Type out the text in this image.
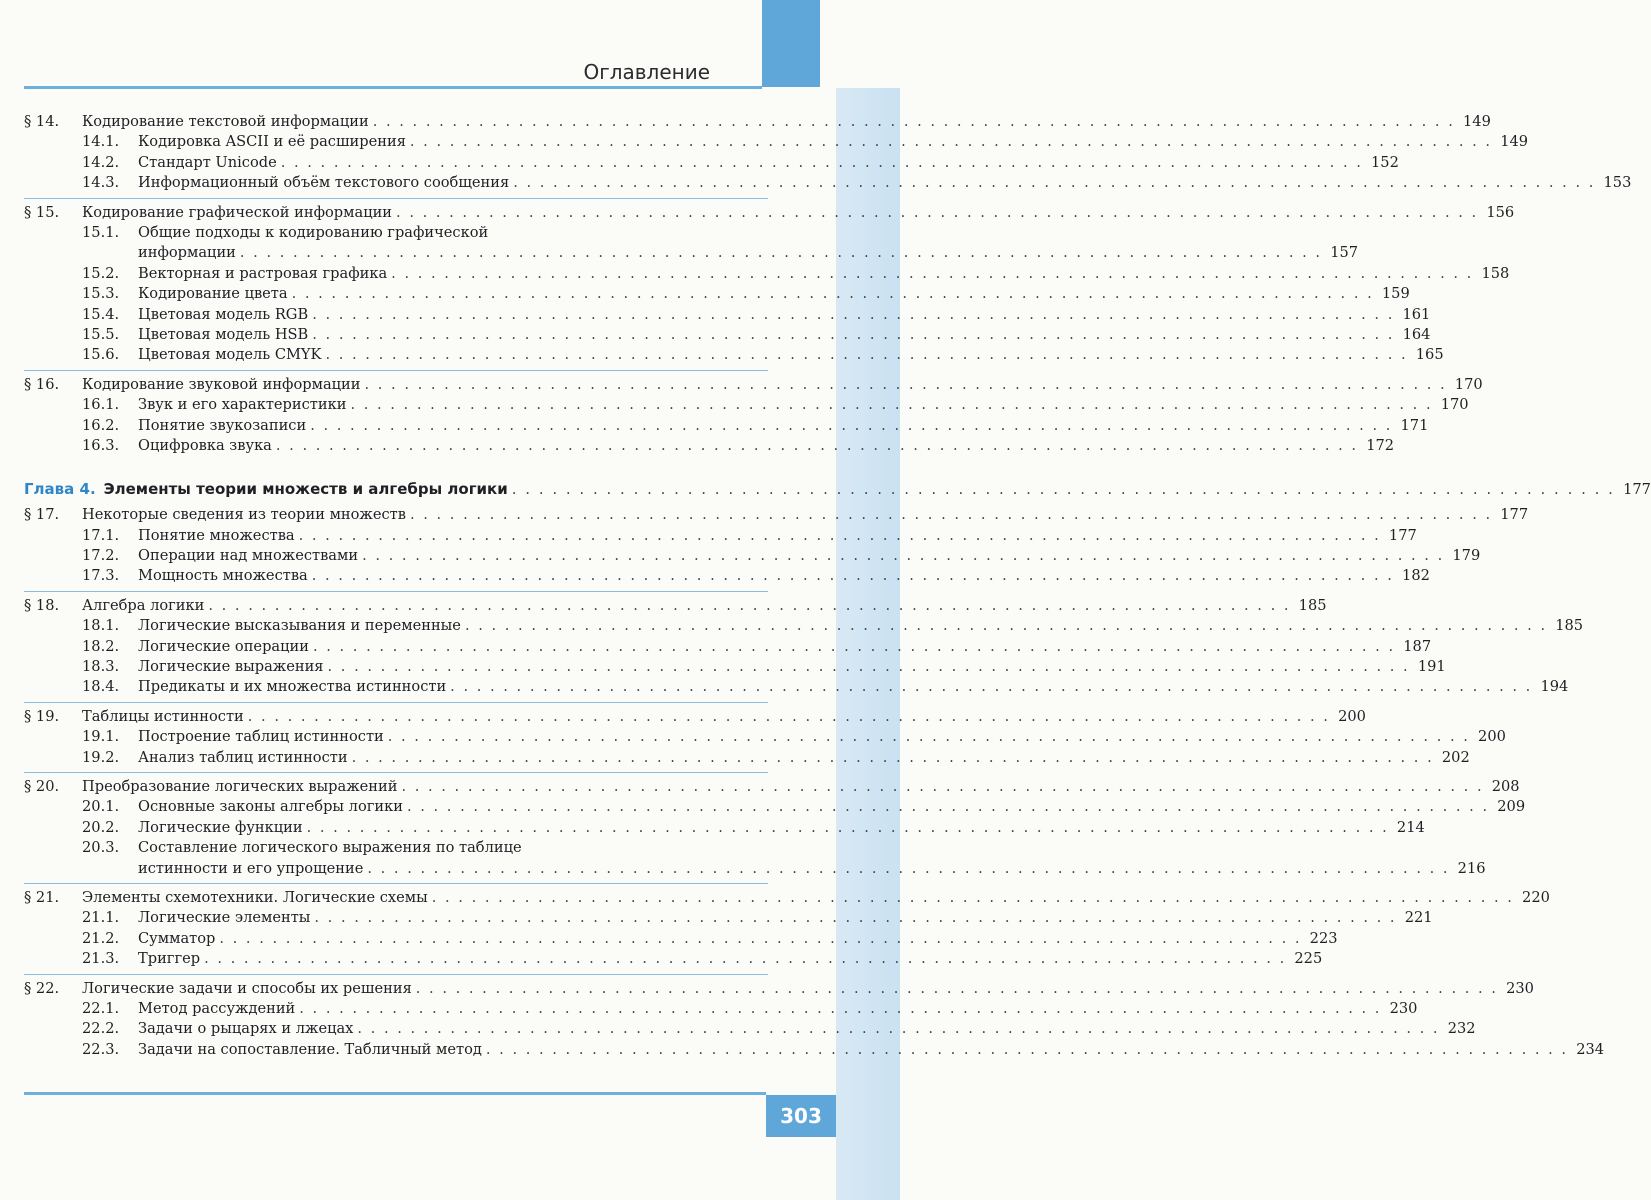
Оглавление
§ 14.	Кодирование текстовой информации . . . . . . . . . . . . . . . . . . . . . . . . . . . . . . . . . . . . . . . . . . . . . . . . . . . . . . . . . . . . . . . . . . . . . . . . . . . . . . . . . . 149
14.1.	Кодировка ASCII и её расширения . . . . . . . . . . . . . . . . . . . . . . . . . . . . . . . . . . . . . . . . . . . . . . . . . . . . . . . . . . . . . . . . . . . . . . . . . . . . . . . . . . 149
14.2.	Стандарт Unicode . . . . . . . . . . . . . . . . . . . . . . . . . . . . . . . . . . . . . . . . . . . . . . . . . . . . . . . . . . . . . . . . . . . . . . . . . . . . . . . . . . 152
14.3.	Информационный объём текстового сообщения . . . . . . . . . . . . . . . . . . . . . . . . . . . . . . . . . . . . . . . . . . . . . . . . . . . . . . . . . . . . . . . . . . . . . . . . . . . . . . . . . . 153
§ 15.	Кодирование графической информации . . . . . . . . . . . . . . . . . . . . . . . . . . . . . . . . . . . . . . . . . . . . . . . . . . . . . . . . . . . . . . . . . . . . . . . . . . . . . . . . . . 156
15.1.	Общие подходы к кодированию графической
информации . . . . . . . . . . . . . . . . . . . . . . . . . . . . . . . . . . . . . . . . . . . . . . . . . . . . . . . . . . . . . . . . . . . . . . . . . . . . . . . . . . 157
15.2.	Векторная и растровая графика . . . . . . . . . . . . . . . . . . . . . . . . . . . . . . . . . . . . . . . . . . . . . . . . . . . . . . . . . . . . . . . . . . . . . . . . . . . . . . . . . . 158
15.3.	Кодирование цвета . . . . . . . . . . . . . . . . . . . . . . . . . . . . . . . . . . . . . . . . . . . . . . . . . . . . . . . . . . . . . . . . . . . . . . . . . . . . . . . . . . 159
15.4.	Цветовая модель RGB . . . . . . . . . . . . . . . . . . . . . . . . . . . . . . . . . . . . . . . . . . . . . . . . . . . . . . . . . . . . . . . . . . . . . . . . . . . . . . . . . . 161
15.5.	Цветовая модель HSB . . . . . . . . . . . . . . . . . . . . . . . . . . . . . . . . . . . . . . . . . . . . . . . . . . . . . . . . . . . . . . . . . . . . . . . . . . . . . . . . . . 164
15.6.	Цветовая модель CMYK . . . . . . . . . . . . . . . . . . . . . . . . . . . . . . . . . . . . . . . . . . . . . . . . . . . . . . . . . . . . . . . . . . . . . . . . . . . . . . . . . . 165
§ 16.	Кодирование звуковой информации . . . . . . . . . . . . . . . . . . . . . . . . . . . . . . . . . . . . . . . . . . . . . . . . . . . . . . . . . . . . . . . . . . . . . . . . . . . . . . . . . . 170
16.1.	Звук и его характеристики . . . . . . . . . . . . . . . . . . . . . . . . . . . . . . . . . . . . . . . . . . . . . . . . . . . . . . . . . . . . . . . . . . . . . . . . . . . . . . . . . . 170
16.2.	Понятие звукозаписи . . . . . . . . . . . . . . . . . . . . . . . . . . . . . . . . . . . . . . . . . . . . . . . . . . . . . . . . . . . . . . . . . . . . . . . . . . . . . . . . . . 171
16.3.	Оцифровка звука . . . . . . . . . . . . . . . . . . . . . . . . . . . . . . . . . . . . . . . . . . . . . . . . . . . . . . . . . . . . . . . . . . . . . . . . . . . . . . . . . . 172
Глава 4. Элементы теории множеств и алгебры логики . . . . . . . . . . . . . . . . . . . . . . . . . . . . . . . . . . . . . . . . . . . . . . . . . . . . . . . . . . . . . . . . . . . . . . . . . . . . . . . . . . 177
§ 17.	Некоторые сведения из теории множеств . . . . . . . . . . . . . . . . . . . . . . . . . . . . . . . . . . . . . . . . . . . . . . . . . . . . . . . . . . . . . . . . . . . . . . . . . . . . . . . . . . 177
17.1.	Понятие множества . . . . . . . . . . . . . . . . . . . . . . . . . . . . . . . . . . . . . . . . . . . . . . . . . . . . . . . . . . . . . . . . . . . . . . . . . . . . . . . . . . 177
17.2.	Операции над множествами . . . . . . . . . . . . . . . . . . . . . . . . . . . . . . . . . . . . . . . . . . . . . . . . . . . . . . . . . . . . . . . . . . . . . . . . . . . . . . . . . . 179
17.3.	Мощность множества . . . . . . . . . . . . . . . . . . . . . . . . . . . . . . . . . . . . . . . . . . . . . . . . . . . . . . . . . . . . . . . . . . . . . . . . . . . . . . . . . . 182
§ 18.	Алгебра логики . . . . . . . . . . . . . . . . . . . . . . . . . . . . . . . . . . . . . . . . . . . . . . . . . . . . . . . . . . . . . . . . . . . . . . . . . . . . . . . . . . 185
18.1.	Логические высказывания и переменные . . . . . . . . . . . . . . . . . . . . . . . . . . . . . . . . . . . . . . . . . . . . . . . . . . . . . . . . . . . . . . . . . . . . . . . . . . . . . . . . . . 185
18.2.	Логические операции . . . . . . . . . . . . . . . . . . . . . . . . . . . . . . . . . . . . . . . . . . . . . . . . . . . . . . . . . . . . . . . . . . . . . . . . . . . . . . . . . . 187
18.3.	Логические выражения . . . . . . . . . . . . . . . . . . . . . . . . . . . . . . . . . . . . . . . . . . . . . . . . . . . . . . . . . . . . . . . . . . . . . . . . . . . . . . . . . . 191
18.4.	Предикаты и их множества истинности . . . . . . . . . . . . . . . . . . . . . . . . . . . . . . . . . . . . . . . . . . . . . . . . . . . . . . . . . . . . . . . . . . . . . . . . . . . . . . . . . . 194
§ 19.	Таблицы истинности . . . . . . . . . . . . . . . . . . . . . . . . . . . . . . . . . . . . . . . . . . . . . . . . . . . . . . . . . . . . . . . . . . . . . . . . . . . . . . . . . . 200
19.1.	Построение таблиц истинности . . . . . . . . . . . . . . . . . . . . . . . . . . . . . . . . . . . . . . . . . . . . . . . . . . . . . . . . . . . . . . . . . . . . . . . . . . . . . . . . . . 200
19.2.	Анализ таблиц истинности . . . . . . . . . . . . . . . . . . . . . . . . . . . . . . . . . . . . . . . . . . . . . . . . . . . . . . . . . . . . . . . . . . . . . . . . . . . . . . . . . . 202
§ 20.	Преобразование логических выражений . . . . . . . . . . . . . . . . . . . . . . . . . . . . . . . . . . . . . . . . . . . . . . . . . . . . . . . . . . . . . . . . . . . . . . . . . . . . . . . . . . 208
20.1.	Основные законы алгебры логики . . . . . . . . . . . . . . . . . . . . . . . . . . . . . . . . . . . . . . . . . . . . . . . . . . . . . . . . . . . . . . . . . . . . . . . . . . . . . . . . . . 209
20.2.	Логические функции . . . . . . . . . . . . . . . . . . . . . . . . . . . . . . . . . . . . . . . . . . . . . . . . . . . . . . . . . . . . . . . . . . . . . . . . . . . . . . . . . . 214
20.3.	Составление логического выражения по таблице
истинности и его упрощение . . . . . . . . . . . . . . . . . . . . . . . . . . . . . . . . . . . . . . . . . . . . . . . . . . . . . . . . . . . . . . . . . . . . . . . . . . . . . . . . . . 216
§ 21.	Элементы схемотехники. Логические схемы . . . . . . . . . . . . . . . . . . . . . . . . . . . . . . . . . . . . . . . . . . . . . . . . . . . . . . . . . . . . . . . . . . . . . . . . . . . . . . . . . . 220
21.1.	Логические элементы . . . . . . . . . . . . . . . . . . . . . . . . . . . . . . . . . . . . . . . . . . . . . . . . . . . . . . . . . . . . . . . . . . . . . . . . . . . . . . . . . . 221
21.2.	Сумматор . . . . . . . . . . . . . . . . . . . . . . . . . . . . . . . . . . . . . . . . . . . . . . . . . . . . . . . . . . . . . . . . . . . . . . . . . . . . . . . . . . 223
21.3.	Триггер . . . . . . . . . . . . . . . . . . . . . . . . . . . . . . . . . . . . . . . . . . . . . . . . . . . . . . . . . . . . . . . . . . . . . . . . . . . . . . . . . . 225
§ 22.	Логические задачи и способы их решения . . . . . . . . . . . . . . . . . . . . . . . . . . . . . . . . . . . . . . . . . . . . . . . . . . . . . . . . . . . . . . . . . . . . . . . . . . . . . . . . . . 230
22.1.	Метод рассуждений . . . . . . . . . . . . . . . . . . . . . . . . . . . . . . . . . . . . . . . . . . . . . . . . . . . . . . . . . . . . . . . . . . . . . . . . . . . . . . . . . . 230
22.2.	Задачи о рыцарях и лжецах . . . . . . . . . . . . . . . . . . . . . . . . . . . . . . . . . . . . . . . . . . . . . . . . . . . . . . . . . . . . . . . . . . . . . . . . . . . . . . . . . . 232
22.3.	Задачи на сопоставление. Табличный метод . . . . . . . . . . . . . . . . . . . . . . . . . . . . . . . . . . . . . . . . . . . . . . . . . . . . . . . . . . . . . . . . . . . . . . . . . . . . . . . . . . 234
303
